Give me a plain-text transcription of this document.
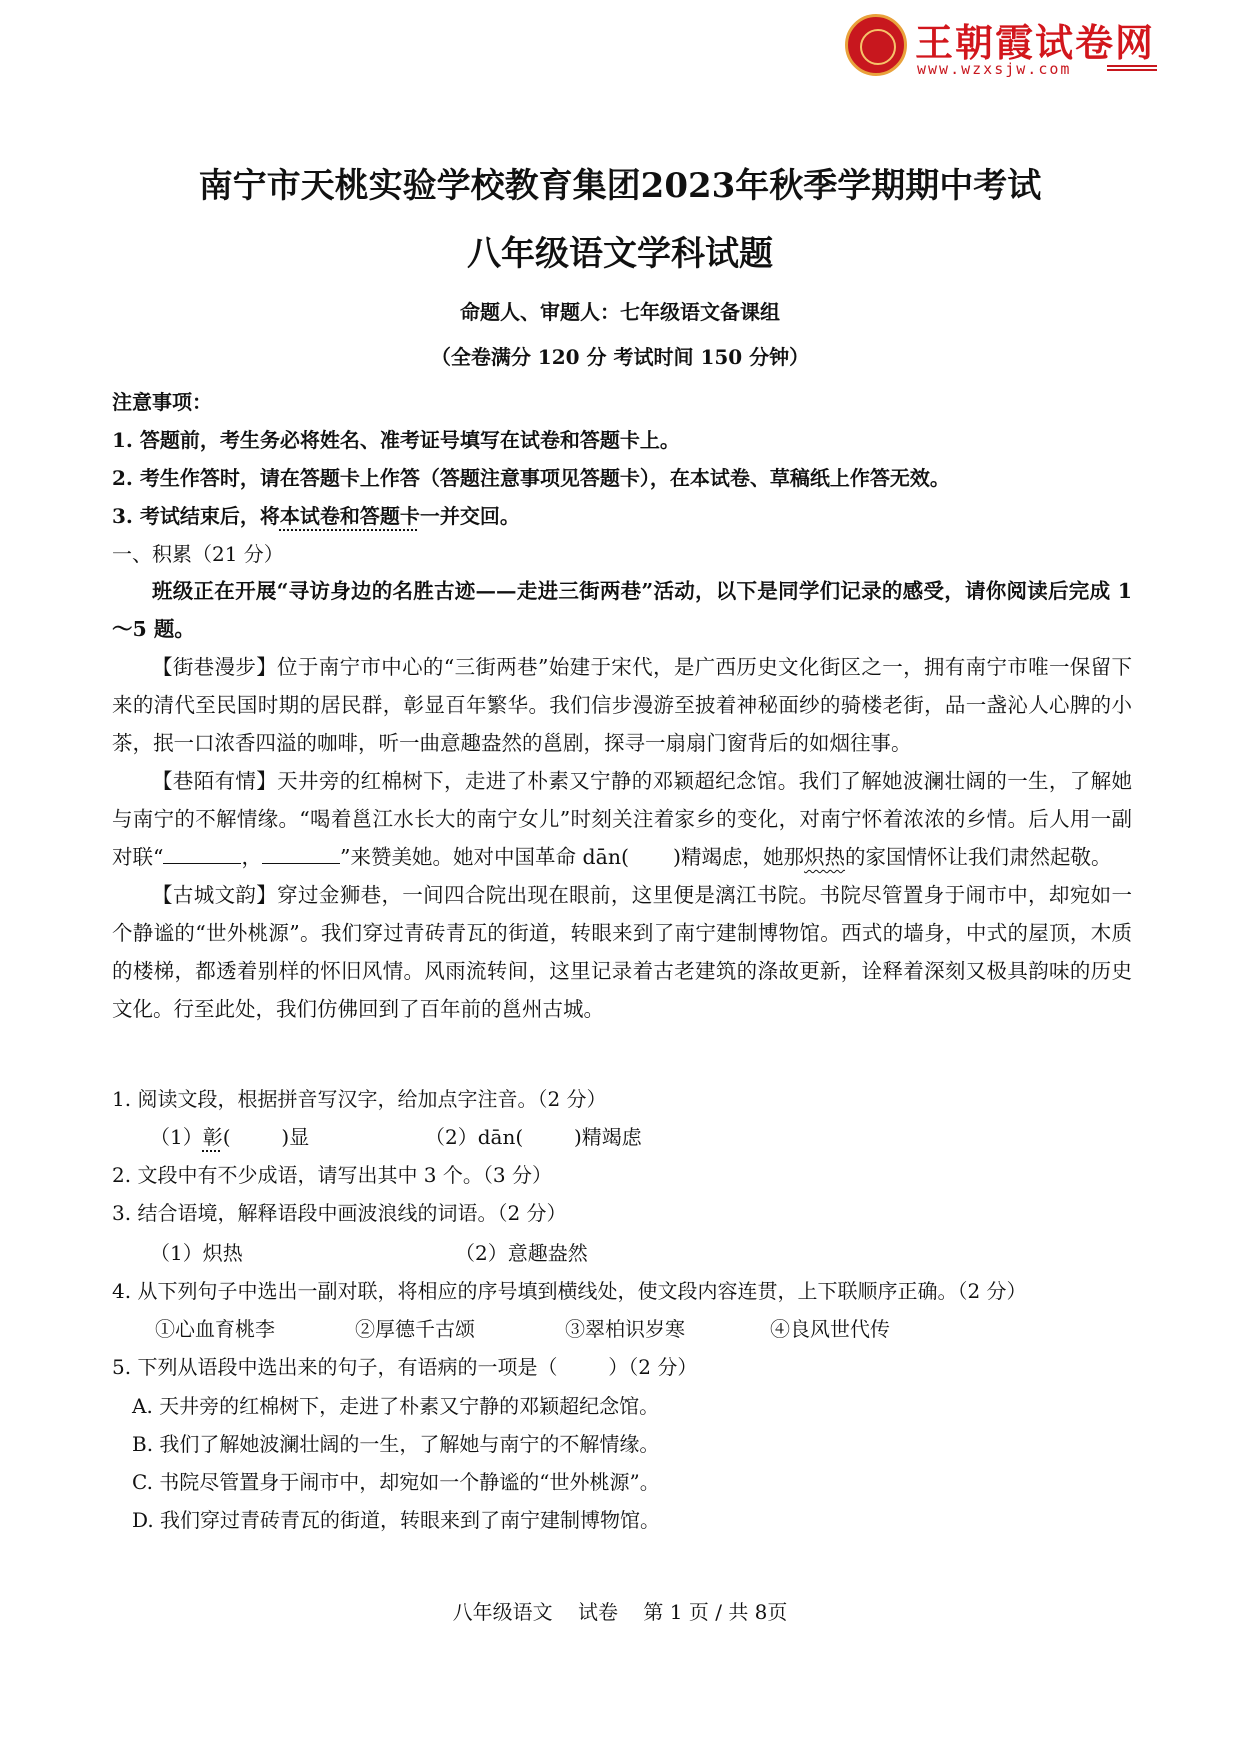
王朝霞试卷网
www.wzxsjw.com
南宁市天桃实验学校教育集团2023年秋季学期期中考试
八年级语文学科试题
命题人、审题人：七年级语文备课组
（全卷满分 120 分 考试时间 150 分钟）
注意事项：
1. 答题前，考生务必将姓名、准考证号填写在试卷和答题卡上。
2. 考生作答时，请在答题卡上作答（答题注意事项见答题卡），在本试卷、草稿纸上作答无效。
3. 考试结束后，将本试卷和答题卡一并交回。
一、积累（21 分）

班级正在开展“寻访身边的名胜古迹——走进三街两巷”活动，以下是同学们记录的感受，请你阅读后完成 1～5 题。

【街巷漫步】位于南宁市中心的“三街两巷”始建于宋代，是广西历史文化街区之一，拥有南宁市唯一保留下来的清代至民国时期的居民群，彰显百年繁华。我们信步漫游至披着神秘面纱的骑楼老街，品一盏沁人心脾的小茶，抿一口浓香四溢的咖啡，听一曲意趣盎然的邕剧，探寻一扇扇门窗背后的如烟往事。

【巷陌有情】天井旁的红棉树下，走进了朴素又宁静的邓颖超纪念馆。我们了解她波澜壮阔的一生，了解她与南宁的不解情缘。“喝着邕江水长大的南宁女儿”时刻关注着家乡的变化，对南宁怀着浓浓的乡情。后人用一副对联“	，	”来赞美她。她对中国革命 dān( )精竭虑，她那炽热的家国情怀让我们肃然起敬。

【古城文韵】穿过金狮巷，一间四合院出现在眼前，这里便是漓江书院。书院尽管置身于闹市中，却宛如一个静谧的“世外桃源”。我们穿过青砖青瓦的街道，转眼来到了南宁建制博物馆。西式的墙身，中式的屋顶，木质的楼梯，都透着别样的怀旧风情。风雨流转间，这里记录着古老建筑的涤故更新，诠释着深刻又极具韵味的历史文化。行至此处，我们仿佛回到了百年前的邕州古城。

1. 阅读文段，根据拼音写汉字，给加点字注音。（2 分）
（1）彰(        )显	（2）dān(        )精竭虑
2. 文段中有不少成语，请写出其中 3 个。（3 分）
3. 结合语境，解释语段中画波浪线的词语。（2 分）
（1）炽热	（2）意趣盎然
4. 从下列句子中选出一副对联，将相应的序号填到横线处，使文段内容连贯，上下联顺序正确。（2 分）
①心血育桃李	②厚德千古颂	③翠柏识岁寒	④良风世代传
5. 下列从语段中选出来的句子，有语病的一项是（        ）（2 分）
A. 天井旁的红棉树下，走进了朴素又宁静的邓颖超纪念馆。
B. 我们了解她波澜壮阔的一生，了解她与南宁的不解情缘。
C. 书院尽管置身于闹市中，却宛如一个静谧的“世外桃源”。
D. 我们穿过青砖青瓦的街道，转眼来到了南宁建制博物馆。
八年级语文    试卷    第 1 页 / 共 8页
